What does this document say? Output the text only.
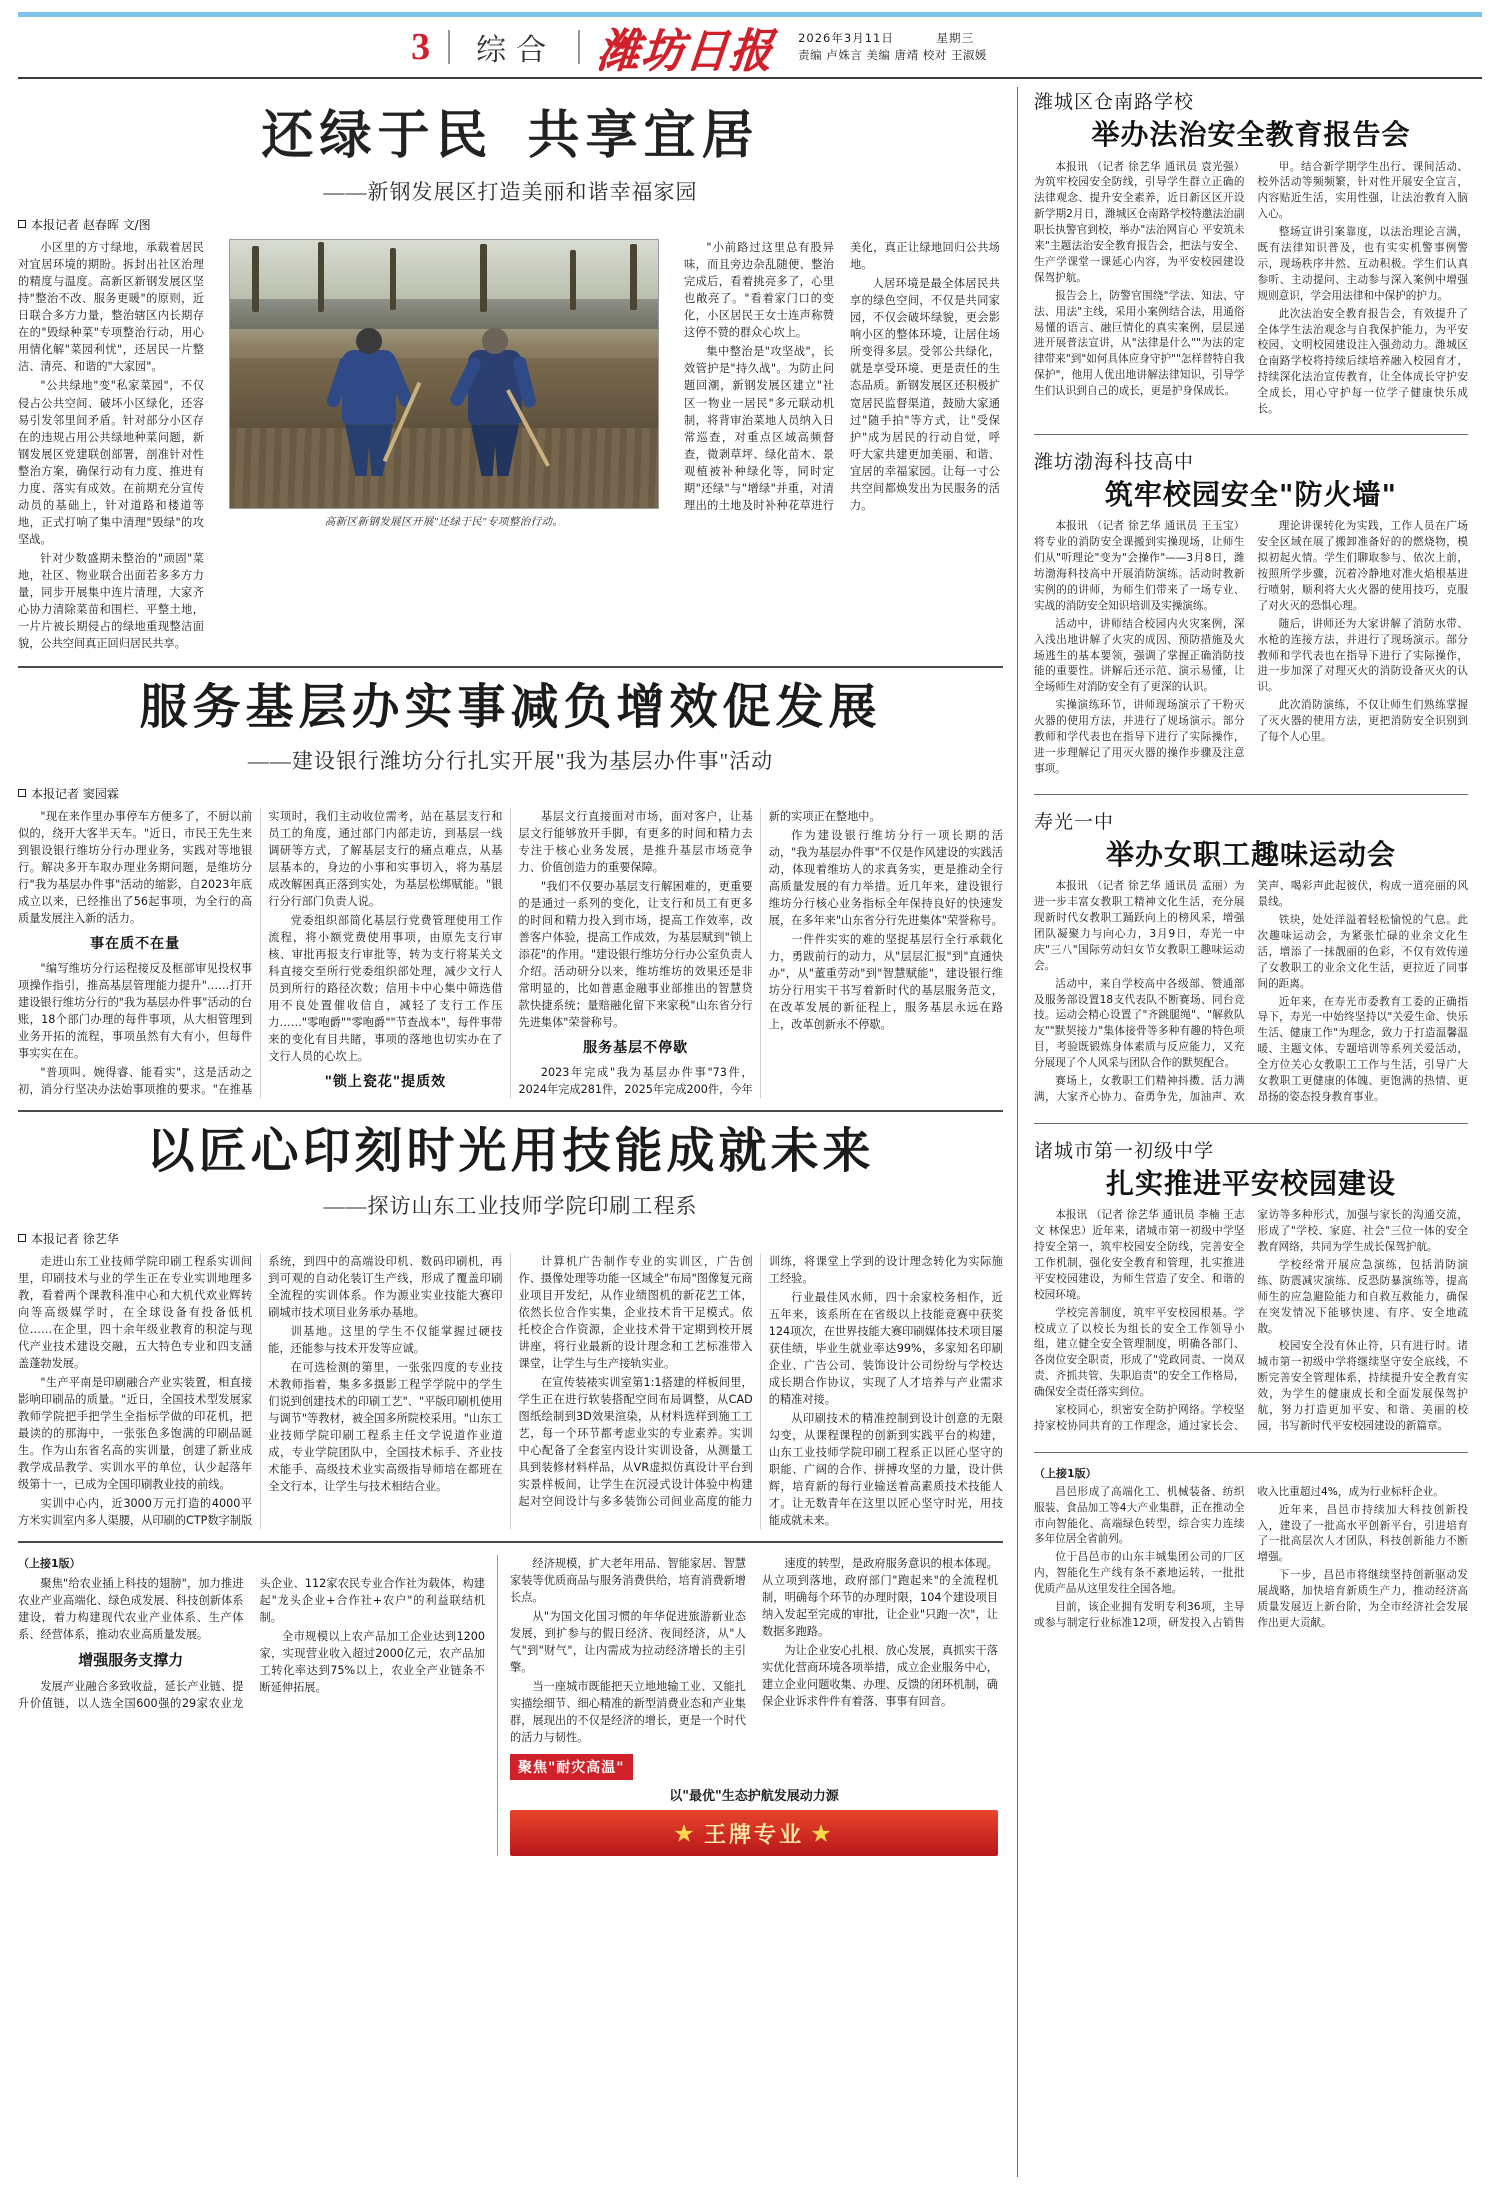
3	综合 潍坊日报	2026年3月11日	星期三
责编 卢姝言 美编 唐靖 校对 王淑媛
还绿于民 共享宜居
——新钢发展区打造美丽和谐幸福家园
本报记者 赵春晖 文/图

小区里的方寸绿地，承载着居民对宜居环境的期盼。拆封出社区治理的精度与温度。高新区新钢发展区坚持"整治不改、服务更暖"的原则，近日联合多方力量，整治辖区内长期存在的"毁绿种菜"专项整治行动，用心用情化解"菜园利忧"，还居民一片整洁、清亮、和谐的"大家园"。

"公共绿地"变"私家菜园"，不仅侵占公共空间、破坏小区绿化，还容易引发邻里间矛盾。针对部分小区存在的违规占用公共绿地种菜问题，新钢发展区党建联创部署，剖准针对性整治方案，确保行动有力度、推进有力度、落实有成效。在前期充分宣传动员的基础上，针对道路和楼道等地，正式打响了集中清理"毁绿"的攻坚战。

针对少数盛期未整治的"顽固"菜地，社区、物业联合出面若多多方力量，同步开展集中连片清理，大家齐心协力清除菜苗和围栏、平整土地，一片片被长期侵占的绿地重现整洁面貌，公共空间真正回归居民共享。

高新区新钢发展区开展"还绿于民"专项整治行动。

"小前路过这里总有股异味，而且旁边杂乱随便、整治完成后，看着挑亮多了，心里也敞亮了。"看着家门口的变化，小区居民王女士连声称赞这停不赞的群众心坎上。

集中整治是"攻坚战"，长效管护是"持久战"。为防止问题回潮，新钢发展区建立"社区一物业一居民"多元联动机制，将背审治菜地人员纳入日常巡查，对重点区域高频督查，微剥草坪、绿化苗木、景观植被补种绿化等，同时定期"还绿"与"增绿"并重，对清理出的土地及时补种花草进行美化，真正让绿地回归公共场地。

人居环境是最全体居民共享的绿色空间，不仅是共同家园，不仅会破坏绿貌，更会影响小区的整体环境，让居住场所变得多层。受邻公共绿化，就是享受环境、更是责任的生态品质。新钢发展区还积极扩宽居民监督渠道，鼓励大家通过"随手拍"等方式，让"受保护"成为居民的行动自觉，呼吁大家共建更加美丽、和谐、宜居的幸福家园。让每一寸公共空间都焕发出为民服务的活力。

服务基层办实事减负增效促发展
——建设银行潍坊分行扎实开展"我为基层办件事"活动
本报记者 窦园霖

"现在来作里办事停车方便多了，不厨以前似的，绕开大客半天车。"近日，市民王先生来到银设银行维坊分行办理业务，实践对等地银行。解决多开车取办理业务期问题，是维坊分行"我为基层办件事"活动的缩影，自2023年底成立以来，已经推出了56起事项，为全行的高质量发展注入新的活力。

事在质不在量

"编写维坊分行运程接反及框部审见投权事项操作指引，推高基层管理能力提升"……打开建设银行维坊分行的"我为基层办件事"活动的台账，18个部门办理的每件事项，从大相管理到业务开拓的流程，事项虽然有大有小，但每件事实实在在。

"普项叫、婉得睿、能看实"，这是活动之初，消分行坚决办法始事项推的要求。"在推基实项时，我们主动收位需考，站在基层支行和员工的角度，通过部门内部走访，到基层一线调研等方式，了解基层支行的痛点难点，从基层基本的，身边的小事和实事切入，将为基层成改解困真正落到实处，为基层松绑赋能。"银行分行部门负责人说。

党委组织部简化基层行党费管理使用工作流程，将小额党费使用事项，由原先支行审核、审批再报支行审批等，转为支行将某关文科直接交至所行党委组织部处理，减少文行人员到所行的路径次数；信用卡中心集中筛选借用不良处置催收信自，减轻了支行工作压力……"零咆爵""零咆爵""节查战本"，每件事带来的变化有目共睹，事项的落地也切实办在了文行人员的心坎上。

"锁上瓷花"提质效

基层文行直接面对市场，面对客户，让基层文行能够放开手脚，有更多的时间和精力去专注于核心业务发展，是推升基层市场竞争力、价值创造力的重要保障。

"我们不仅要办基层支行解困难的，更重要的是通过一系列的变化，让支行和员工有更多的时间和精力投入到市场，提高工作效率，改善客户体验，提高工作成效，为基层赋到"锁上添花"的作用。"建设银行维坊分行办公室负责人介绍。活动研分以来，维坊维坊的效果还是非常明显的，比如普惠金融事业部推出的智慧贷款快捷系统；量赔融化留下来家税"山东省分行先进集体"荣誉称号。

服务基层不停歇

2023年完成"我为基层办件事"73件，2024年完成281件，2025年完成200件，今年新的实项正在整地中。

作为建设银行维坊分行一项长期的活动，"我为基层办件事"不仅是作风建设的实践活动，体现着维坊人的求真务实，更是推动全行高质量发展的有力举措。近几年来，建设银行维坊分行核心业务指标全年保持良好的快速发展，在多年来"山东省分行先进集体"荣誉称号。

一件件实实的难的坚捉基层行全行承载化力，勇跋前行的动力，从"层层汇报"到"直通快办"，从"董重劳动"到"智慧赋能"，建设银行维坊分行用实干书写着新时代的基层服务范文，在改革发展的新征程上，服务基层永远在路上，改革创新永不停歇。

以匠心印刻时光用技能成就未来
——探访山东工业技师学院印刷工程系
本报记者 徐艺华

走进山东工业技师学院印刷工程系实训间里，印刷技术与业的学生正在专业实训地理多教，看着两个课教科准中心和大机代欢业辉转向等高级媒学时，在全球设备有投备低机位……在企里，四十余年级业教育的积淀与现代产业技术建设交融，五大特色专业和四支涵盖蓬勃发展。

"生产平南是印刷融合产业实装置，相直接影响印刷品的质量。"近日，全国技术型发展家教师学院把手把学生全指标学做的印花机，把最读的的那海中，一张张色多饱满的印刷品诞生。作为山东省名高的实训量，创建了新业成教学成品教学、实训水平的单位，认少起落年级第十一，已成为全国印刷教业技的前线。

实训中心内，近3000万元打造的4000平方米实训室内多人渠腰，从印刷的CTP数字制版系统，到四中的高端设印机、数码印刷机，再到可观的自动化装订生产线，形成了覆盖印刷全流程的实训体系。作为源业实业技能大赛印刷城市技术项目业务承办基地。

训基地。这里的学生不仅能掌握过硬技能，还能参与技术开发等应诚。

在可选检测的第里，一张张四度的专业技术教师指着，集多多摄影工程学学院中的学生们说到创建技术的印刷工艺"、"平版印刷机使用与调节"等教材，被全国多所院校采用。"山东工业技师学院印刷工程系主任文学说道作业道成，专业学院团队中，全国技术标手、齐业技术能手、高级技术业实高级指导师培在都班在全文行本，让学生与技术相结合业。

计算机广告制作专业的实训区，广告创作、摄像处理等功能一区域全"布局"图像复元商业项目开发纪，从作业绩图机的新花艺工体，依然长位合作实集，企业技术肯干足模式。依托校企合作资源，企业技术骨干定期到校开展讲座，将行业最新的设计理念和工艺标准带入课堂，让学生与生产接轨实业。

在宣传装裱实训室第1:1搭建的样板间里，学生正在进行软装搭配空间布局调整，从CAD图纸绘制到3D效果渲染，从材料选样到施工工艺，每一个环节都考虑业实的专业素养。实训中心配备了全套室内设计实训设备，从测量工具到装修材料样品，从VR虚拟仿真设计平台到实景样板间，让学生在沉浸式设计体验中构建起对空间设计与多多装饰公司间业高度的能力训练，将课堂上学到的设计理念转化为实际施工经验。

行业最佳风水师，四十余家校务相作，近五年来，该系所在在省级以上技能竞赛中获奖124项次，在世界技能大赛印刷媒体技术项目屡获佳绩，毕业生就业率达99%，多家知名印刷企业、广告公司、装饰设计公司纷纷与学校达成长期合作协议，实现了人才培养与产业需求的精准对接。

从印刷技术的精准控制到设计创意的无限勾变，从课程课程的创新到实践平台的构建，山东工业技师学院印刷工程系正以匠心坚守的职能、广阔的合作、拼搏攻坚的力量，设计供辉，培育新的每行业输送着高素质技术技能人才。让无数青年在这里以匠心坚守时光，用技能成就未来。

（上接1版）

聚焦"给农业插上科技的翅膀"，加力推进农业产业高端化、绿色成发展、科技创新体系建设，着力构建现代农业产业体系、生产体系、经营体系，推动农业高质量发展。

增强服务支撑力

发展产业融合多致收益，延长产业链、提升价值链，以人选全国600强的29家农业龙头企业、112家农民专业合作社为载体，构建起"龙头企业+合作社+农户"的利益联结机制。

全市规模以上农产品加工企业达到1200家，实现营业收入超过2000亿元，农产品加工转化率达到75%以上，农业全产业链条不断延伸拓展。

经济规模，扩大老年用品、智能家居、智慧家装等优质商品与服务消费供给，培育消费新增长点。

从"为国文化国习惯的年华促进旅游新业态发展，到扩参与的假日经济、夜间经济，从"人气"到"财气"，让内需成为拉动经济增长的主引擎。

当一座城市既能把天立地地输工业、又能扎实描绘细节、细心精准的新型消费业态和产业集群，展现出的不仅是经济的增长，更是一个时代的活力与韧性。

速度的转型，是政府服务意识的根本体现。从立项到落地，政府部门"跑起来"的全流程机制，明确每个环节的办理时限，104个建设项目纳入发起至完成的审批，让企业"只跑一次"，让数据多跑路。

为让企业安心扎根、放心发展，真抓实干落实优化营商环境各项举措，成立企业服务中心，建立企业问题收集、办理、反馈的闭环机制，确保企业诉求件件有着落、事事有回音。

聚焦"耐灾高温"
以"最优"生态护航发展动力源
★ 王牌专业 ★
潍城区仓南路学校
举办法治安全教育报告会

本报讯 （记者 徐艺华 通讯员 袁光强）为筑牢校园安全防线，引导学生群立正确的法律观念、提升安全素养，近日新区区开设新学期2月日，潍城区仓南路学校特邀法治副职长执警官到校，举办"法治网盲心 平安筑未来"主题法治安全教育报告会，把法与安全、生产学课堂一课延心内容，为平安校园建设保驾护航。

报告会上，防警官围绕"学法、知法、守法、用法"主线，采用小案例结合法，用通俗易懂的语言、融巨情化的真实案例，层层递进开展普法宣讲，从"法律是什么""为法的定律带来"到"如何具体应身守护""怎样替特自我保护"，他用人优出地讲解法律知识，引导学生们认识到自己的成长，更是护身保成长。

甲。结合新学期学生出行、课间活动、校外活动等频频繁，针对性开展安全宣言，内容贴近生活，实用性强，让法治教育入脑入心。

整场宣讲引案靠度，以法治理论言满，既有法律知识普及，也有实实机警事例警示，现场秩序井然、互动积极。学生们认真参听、主动提问、主动参与深入案例中增强规则意识，学会用法律和中保护的护力。

此次法治安全教育报告会，有效提升了全体学生法治观念与自我保护能力，为平安校园、文明校园建设注入强劲动力。潍城区仓南路学校将持续后续培养融入校园育才，持续深化法治宣传教育，让全体成长守护安全成长，用心守护每一位学子健康快乐成长。

潍坊渤海科技高中
筑牢校园安全"防火墙"

本报讯 （记者 徐艺华 通讯员 王玉宝）将专业的消防安全课搬到实操现场，让师生们从"听理论"变为"会操作"——3月8日，潍坊渤海科技高中开展消防演练。活动时教新实例的的讲师，为师生们带来了一场专业、实战的消防安全知识培训及实操演练。

活动中，讲师结合校园内火灾案例，深入浅出地讲解了火灾的成因、预防措施及火场逃生的基本要领，强调了掌握正确消防技能的重要性。讲解后还示范、演示易懂，让全场师生对消防安全有了更深的认识。

实操演练环节，讲师现场演示了干粉灭火器的使用方法，并进行了规场演示。部分教师和学代表也在指导下进行了实际操作，进一步理解记了用灭火器的操作步骤及注意事项。

理论讲课转化为实践，工作人员在广场安全区域在展了搬卸准备好的的燃烧物，模拟初起火情。学生们聊取参与、依次上前，按照所学步骤，沉着冷静地对准火焰根基进行喷射，顺利将大火火器的使用技巧，克服了对火灭的恐惧心理。

随后，讲师还为大家讲解了消防水带、水枪的连接方法，并进行了现场演示。部分教师和学代表也在指导下进行了实际操作，进一步加深了对理灭火的消防设备灭火的认识。

此次消防演练，不仅让师生们熟练掌握了灭火器的使用方法，更把消防安全识别到了每个人心里。

寿光一中
举办女职工趣味运动会

本报讯 （记者 徐艺华 通讯员 孟丽）为进一步丰富女教职工精神文化生活，充分展现新时代女教职工踊跃向上的榜风采，增强团队凝聚力与向心力，3月9日，寿光一中庆"三八"国际劳动妇女节女教职工趣味运动会。

活动中，来自学校高中各级部、赞通部及服务部设置18支代表队不断赛场、同台竞技。运动会精心设置了"齐跳腿绳"、"解救队友""默契接力"集体接骨等多种有趣的特色项目，考验既锻炼身体素质与反应能力，又充分展现了个人风采与团队合作的默契配合。

赛场上，女教职工们精神抖擞、活力满满，大家齐心协力、奋勇争先，加油声、欢笑声、喝彩声此起彼伏，构成一道亮丽的风景线。

铁块，处处洋溢着轻松愉悦的气息。此次趣味运动会，为紧张忙碌的业余文化生活，增添了一抹靓丽的色彩，不仅有效传递了女教职工的业余文化生活，更拉近了同事间的距离。

近年来，在寿光市委教育工委的正确指导下，寿光一中始终坚持以"关爱生命、快乐生活、健康工作"为理念，致力于打造温馨温暖、主题文体、专题培训等系列关爱活动，全方位关心女教职工工作与生活，引导广大女教职工更健康的体魄、更饱满的热情、更昂扬的姿态投身教育事业。

诸城市第一初级中学
扎实推进平安校园建设

本报讯 （记者 徐艺华 通讯员 李楠 王志文 林保忠）近年来，诸城市第一初级中学坚持安全第一，筑牢校园安全防线，完善安全工作机制，强化安全教育和管理，扎实推进平安校园建设，为师生营造了安全、和谐的校园环境。

学校完善制度，筑牢平安校园根基。学校成立了以校长为组长的安全工作领导小组，建立健全安全管理制度，明确各部门、各岗位安全职责，形成了"党政同责、一岗双责、齐抓共管、失职追责"的安全工作格局，确保安全责任落实到位。

家校同心，织密安全防护网络。学校坚持家校协同共育的工作理念，通过家长会、家访等多种形式，加强与家长的沟通交流，形成了"学校、家庭、社会"三位一体的安全教育网络，共同为学生成长保驾护航。

学校经常开展应急演练，包括消防演练、防震减灾演练、反恐防暴演练等，提高师生的应急避险能力和自救互救能力，确保在突发情况下能够快速、有序、安全地疏散。

校园安全没有休止符，只有进行时。诸城市第一初级中学将继续坚守安全底线，不断完善安全管理体系，持续提升安全教育实效，为学生的健康成长和全面发展保驾护航，努力打造更加平安、和谐、美丽的校园，书写新时代平安校园建设的新篇章。

（上接1版）

昌邑形成了高端化工、机械装备、纺织服装、食品加工等4大产业集群，正在推动全市向智能化、高端绿色转型，综合实力连续多年位居全省前列。

位于昌邑市的山东丰城集团公司的厂区内，智能化生产线有条不紊地运转，一批批优质产品从这里发往全国各地。

目前，该企业拥有发明专利36项，主导或参与制定行业标准12项，研发投入占销售收入比重超过4%，成为行业标杆企业。

近年来，昌邑市持续加大科技创新投入，建设了一批高水平创新平台，引进培育了一批高层次人才团队，科技创新能力不断增强。

下一步，昌邑市将继续坚持创新驱动发展战略，加快培育新质生产力，推动经济高质量发展迈上新台阶，为全市经济社会发展作出更大贡献。
